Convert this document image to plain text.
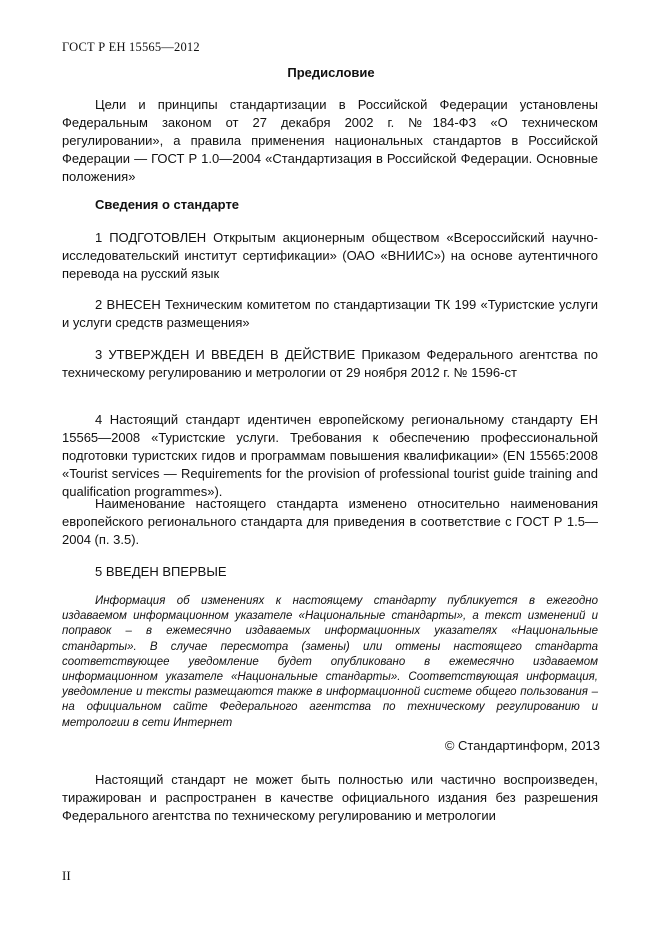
ГОСТ Р ЕН 15565—2012
Предисловие
Цели и принципы стандартизации в Российской Федерации установлены Федеральным законом от 27 декабря 2002 г. №184-ФЗ «О техническом регулировании», а правила применения национальных стандартов в Российской Федерации — ГОСТ Р 1.0—2004 «Стандартизация в Российской Федерации. Основные положения»
Сведения о стандарте
1 ПОДГОТОВЛЕН Открытым акционерным обществом «Всероссийский научно-исследовательский институт сертификации» (ОАО «ВНИИС») на основе аутентичного перевода на русский язык
2 ВНЕСЕН Техническим комитетом по стандартизации ТК 199 «Туристские услуги и услуги средств размещения»
3 УТВЕРЖДЕН И ВВЕДЕН В ДЕЙСТВИЕ Приказом Федерального агентства по техническому регулированию и метрологии от 29 ноября 2012 г. № 1596-ст
4 Настоящий стандарт идентичен европейскому региональному стандарту ЕН 15565—2008 «Туристские услуги. Требования к обеспечению профессиональной подготовки туристских гидов и программам повышения квалификации» (EN 15565:2008 «Tourist services — Requirements for the provision of professional tourist guide training and qualification programmes»).
Наименование настоящего стандарта изменено относительно наименования европейского регионального стандарта для приведения в соответствие с ГОСТ Р 1.5—2004 (п. 3.5).
5 ВВЕДЕН ВПЕРВЫЕ
Информация об изменениях к настоящему стандарту публикуется в ежегодно издаваемом информационном указателе «Национальные стандарты», а текст изменений и поправок – в ежемесячно издаваемых информационных указателях «Национальные стандарты». В случае пересмотра (замены) или отмены настоящего стандарта соответствующее уведомление будет опубликовано в ежемесячно издаваемом информационном указателе «Национальные стандарты». Соответствующая информация, уведомление и тексты размещаются также в информационной системе общего пользования – на официальном сайте Федерального агентства по техническому регулированию и метрологии в сети Интернет
© Стандартинформ, 2013
Настоящий стандарт не может быть полностью или частично воспроизведен, тиражирован и распространен в качестве официального издания без разрешения Федерального агентства по техническому регулированию и метрологии
II
